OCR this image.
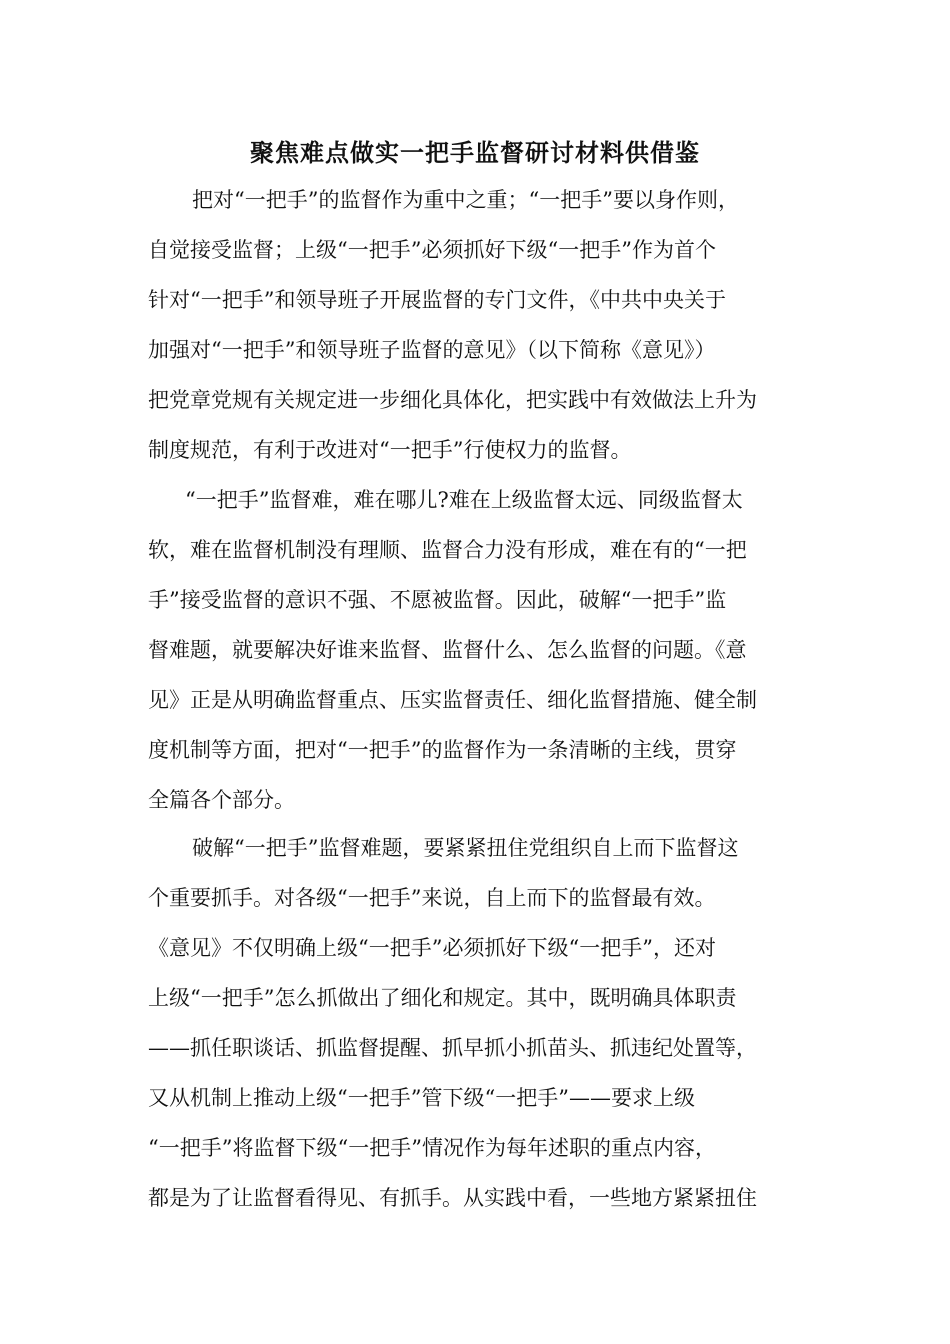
聚焦难点做实一把手监督研讨材料供借鉴
把对“一把手”的监督作为重中之重；“一把手”要以身作则，
自觉接受监督；上级“一把手”必须抓好下级“一把手”作为首个
针对“一把手”和领导班子开展监督的专门文件，《中共中央关于
加强对“一把手”和领导班子监督的意见》（以下简称《意见》）
把党章党规有关规定进一步细化具体化，把实践中有效做法上升为
制度规范，有利于改进对“一把手”行使权力的监督。
“一把手”监督难，难在哪儿?难在上级监督太远、同级监督太
软，难在监督机制没有理顺、监督合力没有形成，难在有的“一把
手”接受监督的意识不强、不愿被监督。因此，破解“一把手”监
督难题，就要解决好谁来监督、监督什么、怎么监督的问题。《意
见》正是从明确监督重点、压实监督责任、细化监督措施、健全制
度机制等方面，把对“一把手”的监督作为一条清晰的主线，贯穿
全篇各个部分。
破解“一把手”监督难题，要紧紧扭住党组织自上而下监督这
个重要抓手。对各级“一把手”来说，自上而下的监督最有效。
《意见》不仅明确上级“一把手”必须抓好下级“一把手”，还对
上级“一把手”怎么抓做出了细化和规定。其中，既明确具体职责
——抓任职谈话、抓监督提醒、抓早抓小抓苗头、抓违纪处置等，
又从机制上推动上级“一把手”管下级“一把手”——要求上级
“一把手”将监督下级“一把手”情况作为每年述职的重点内容，
都是为了让监督看得见、有抓手。从实践中看，一些地方紧紧扭住
